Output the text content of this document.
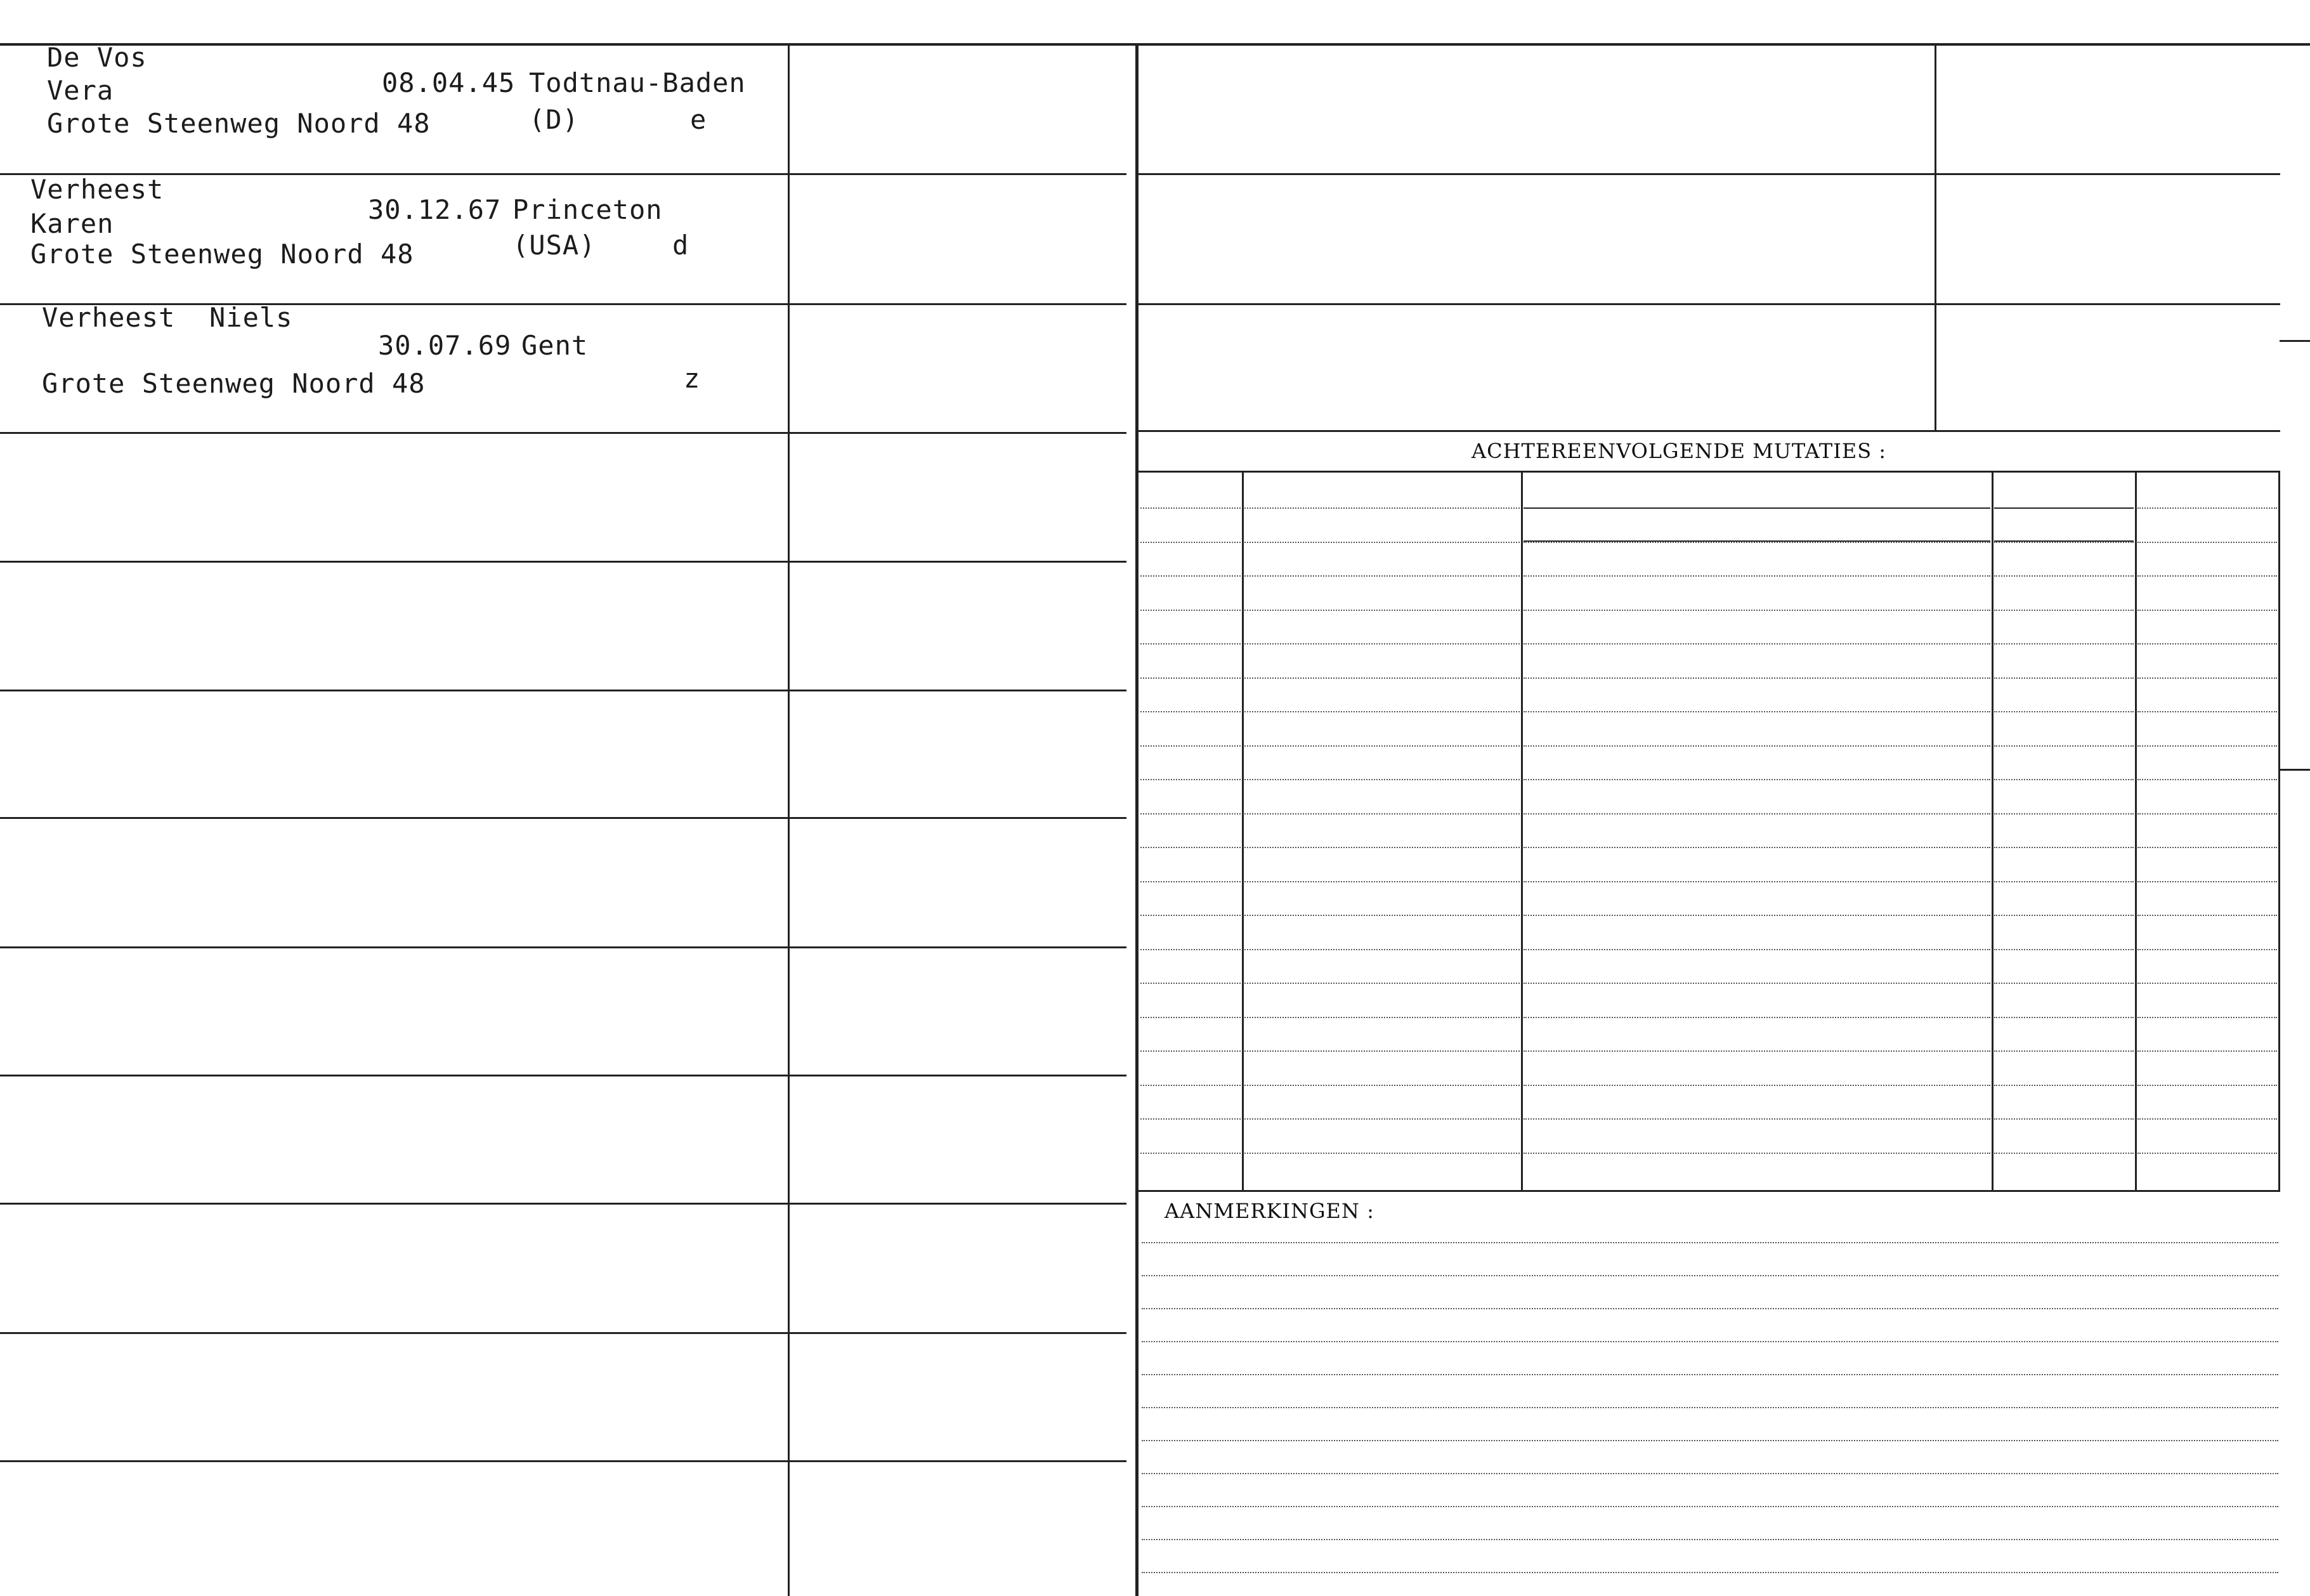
De Vos
Vera	08.04.45 Todtnau-Baden
Grote Steenweg Noord 48	(D)	e
Verheest
Karen	30.12.67 Princeton
Grote Steenweg Noord 48	(USA)	d
Verheest Niels
30.07.69 Gent
Grote Steenweg Noord 48	z
ACHTEREENVOLGENDE MUTATIES :
AANMERKINGEN :
